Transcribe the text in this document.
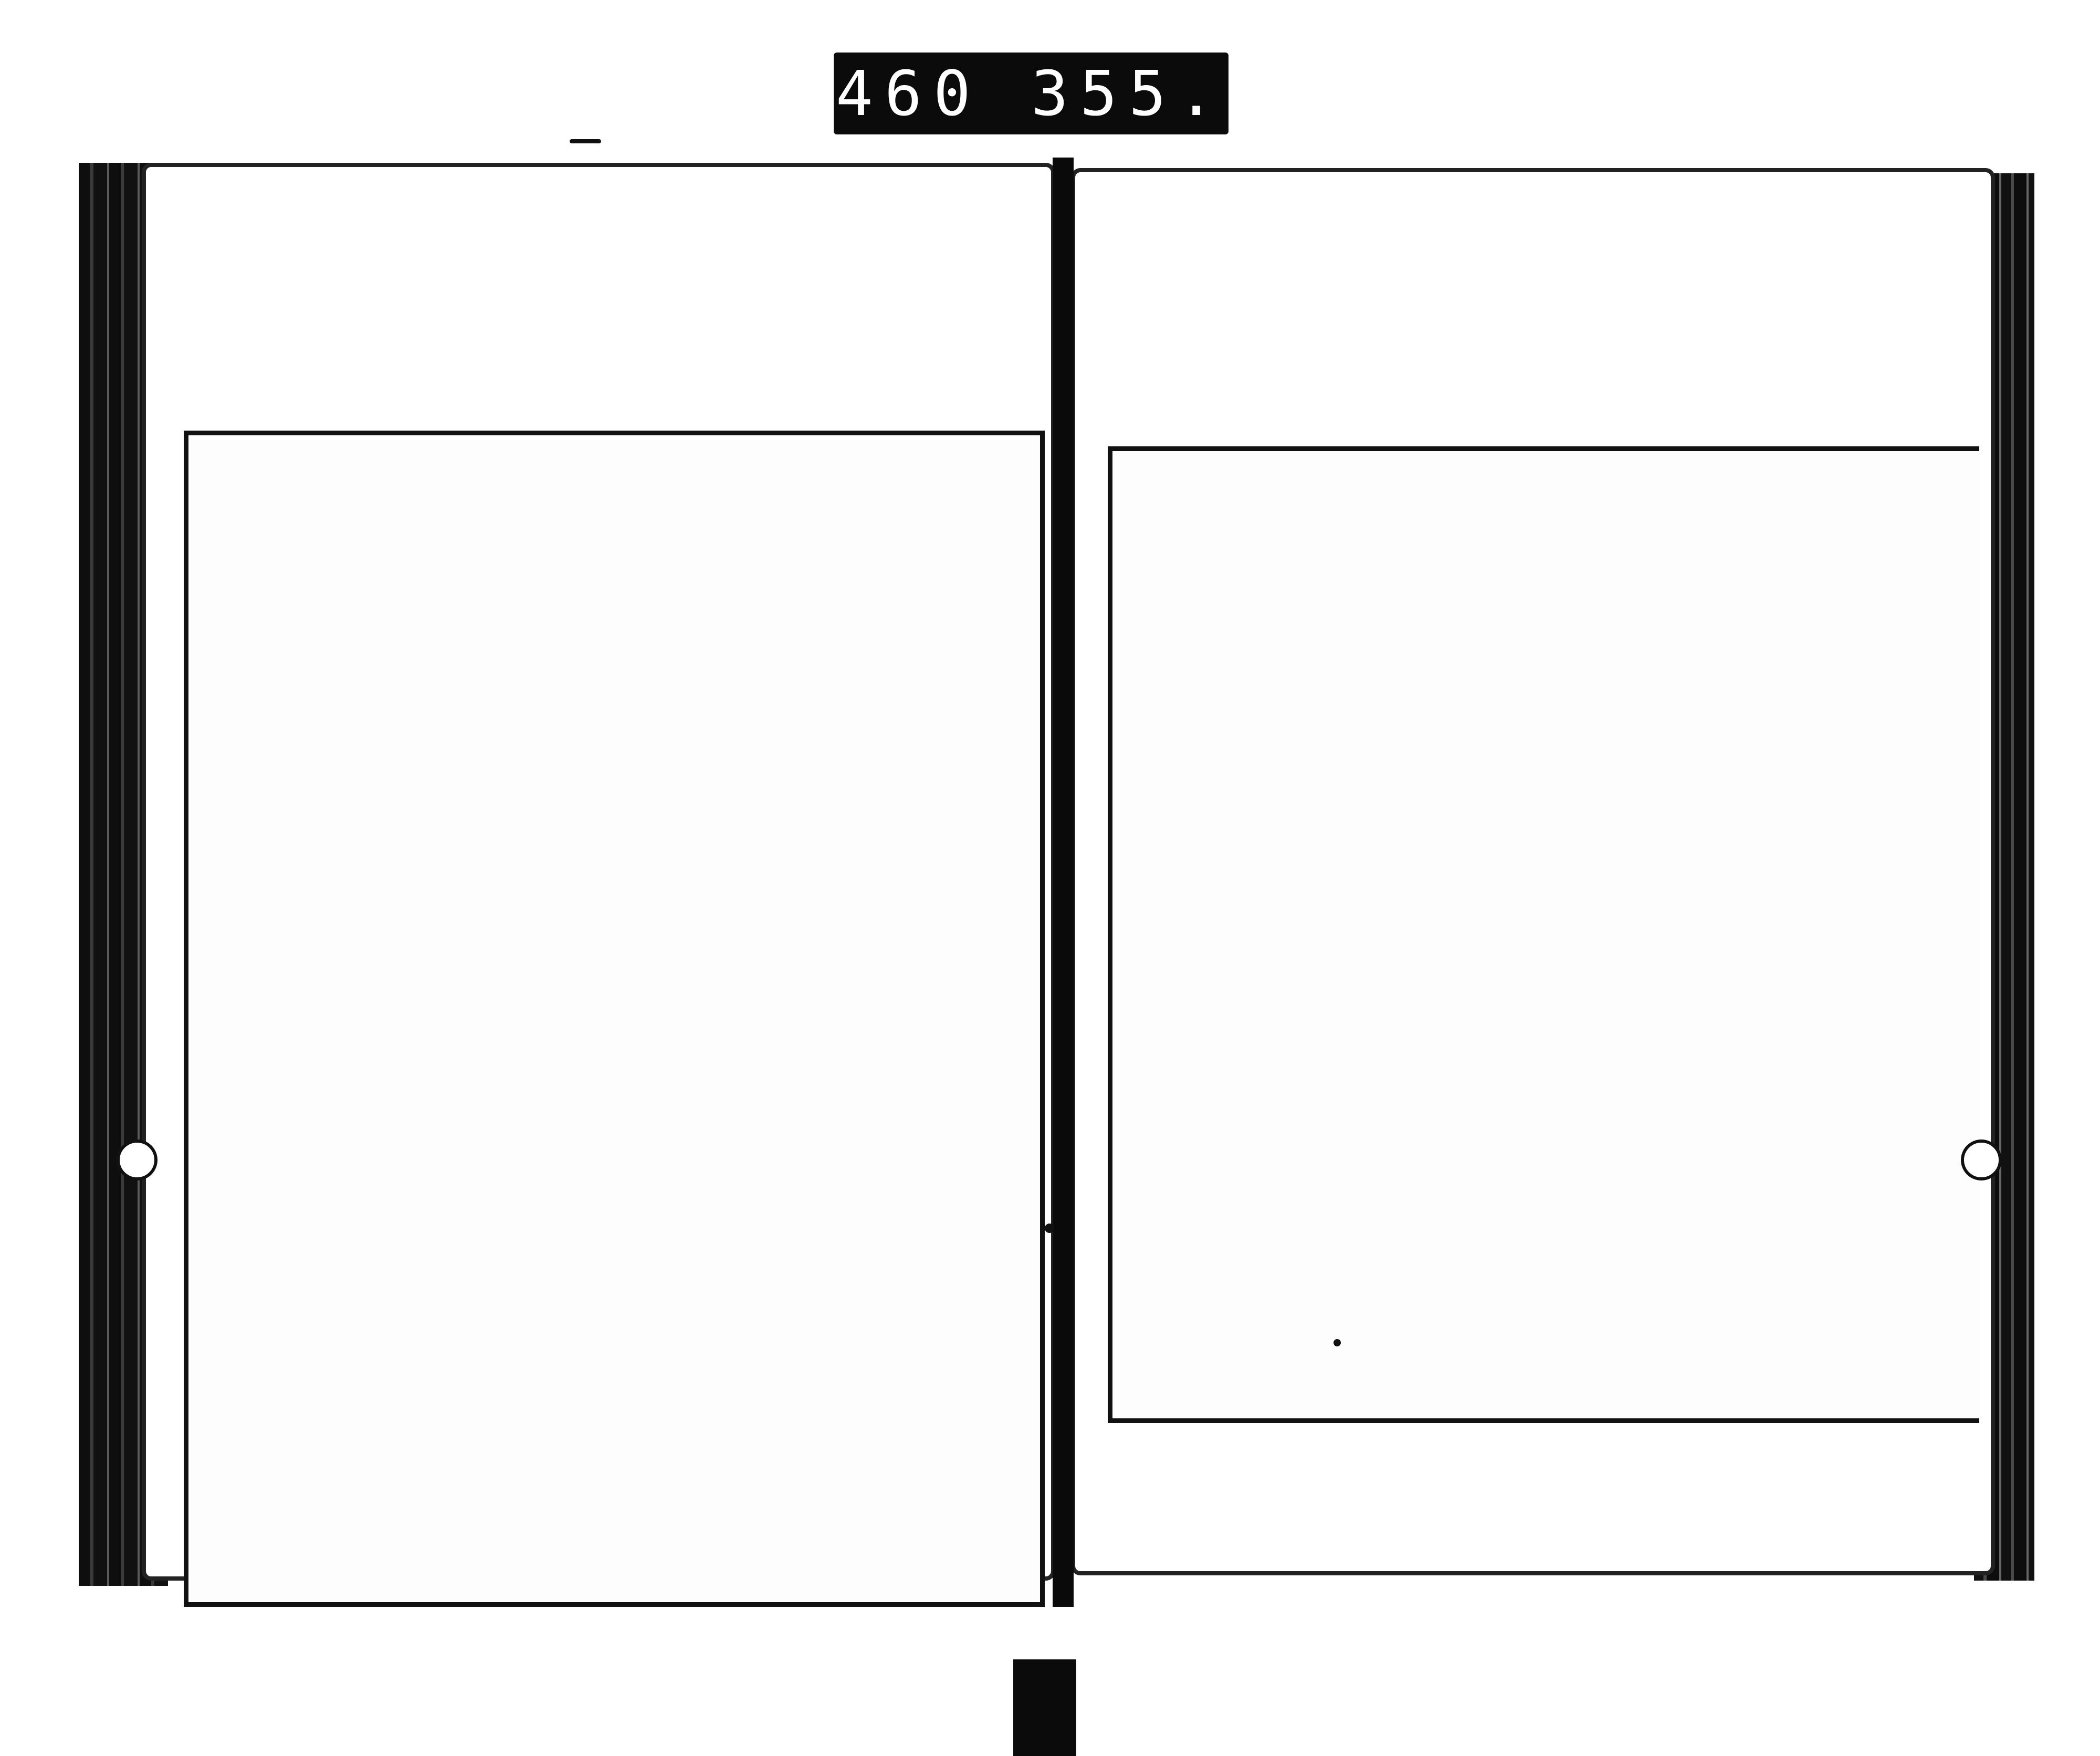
460 355.
